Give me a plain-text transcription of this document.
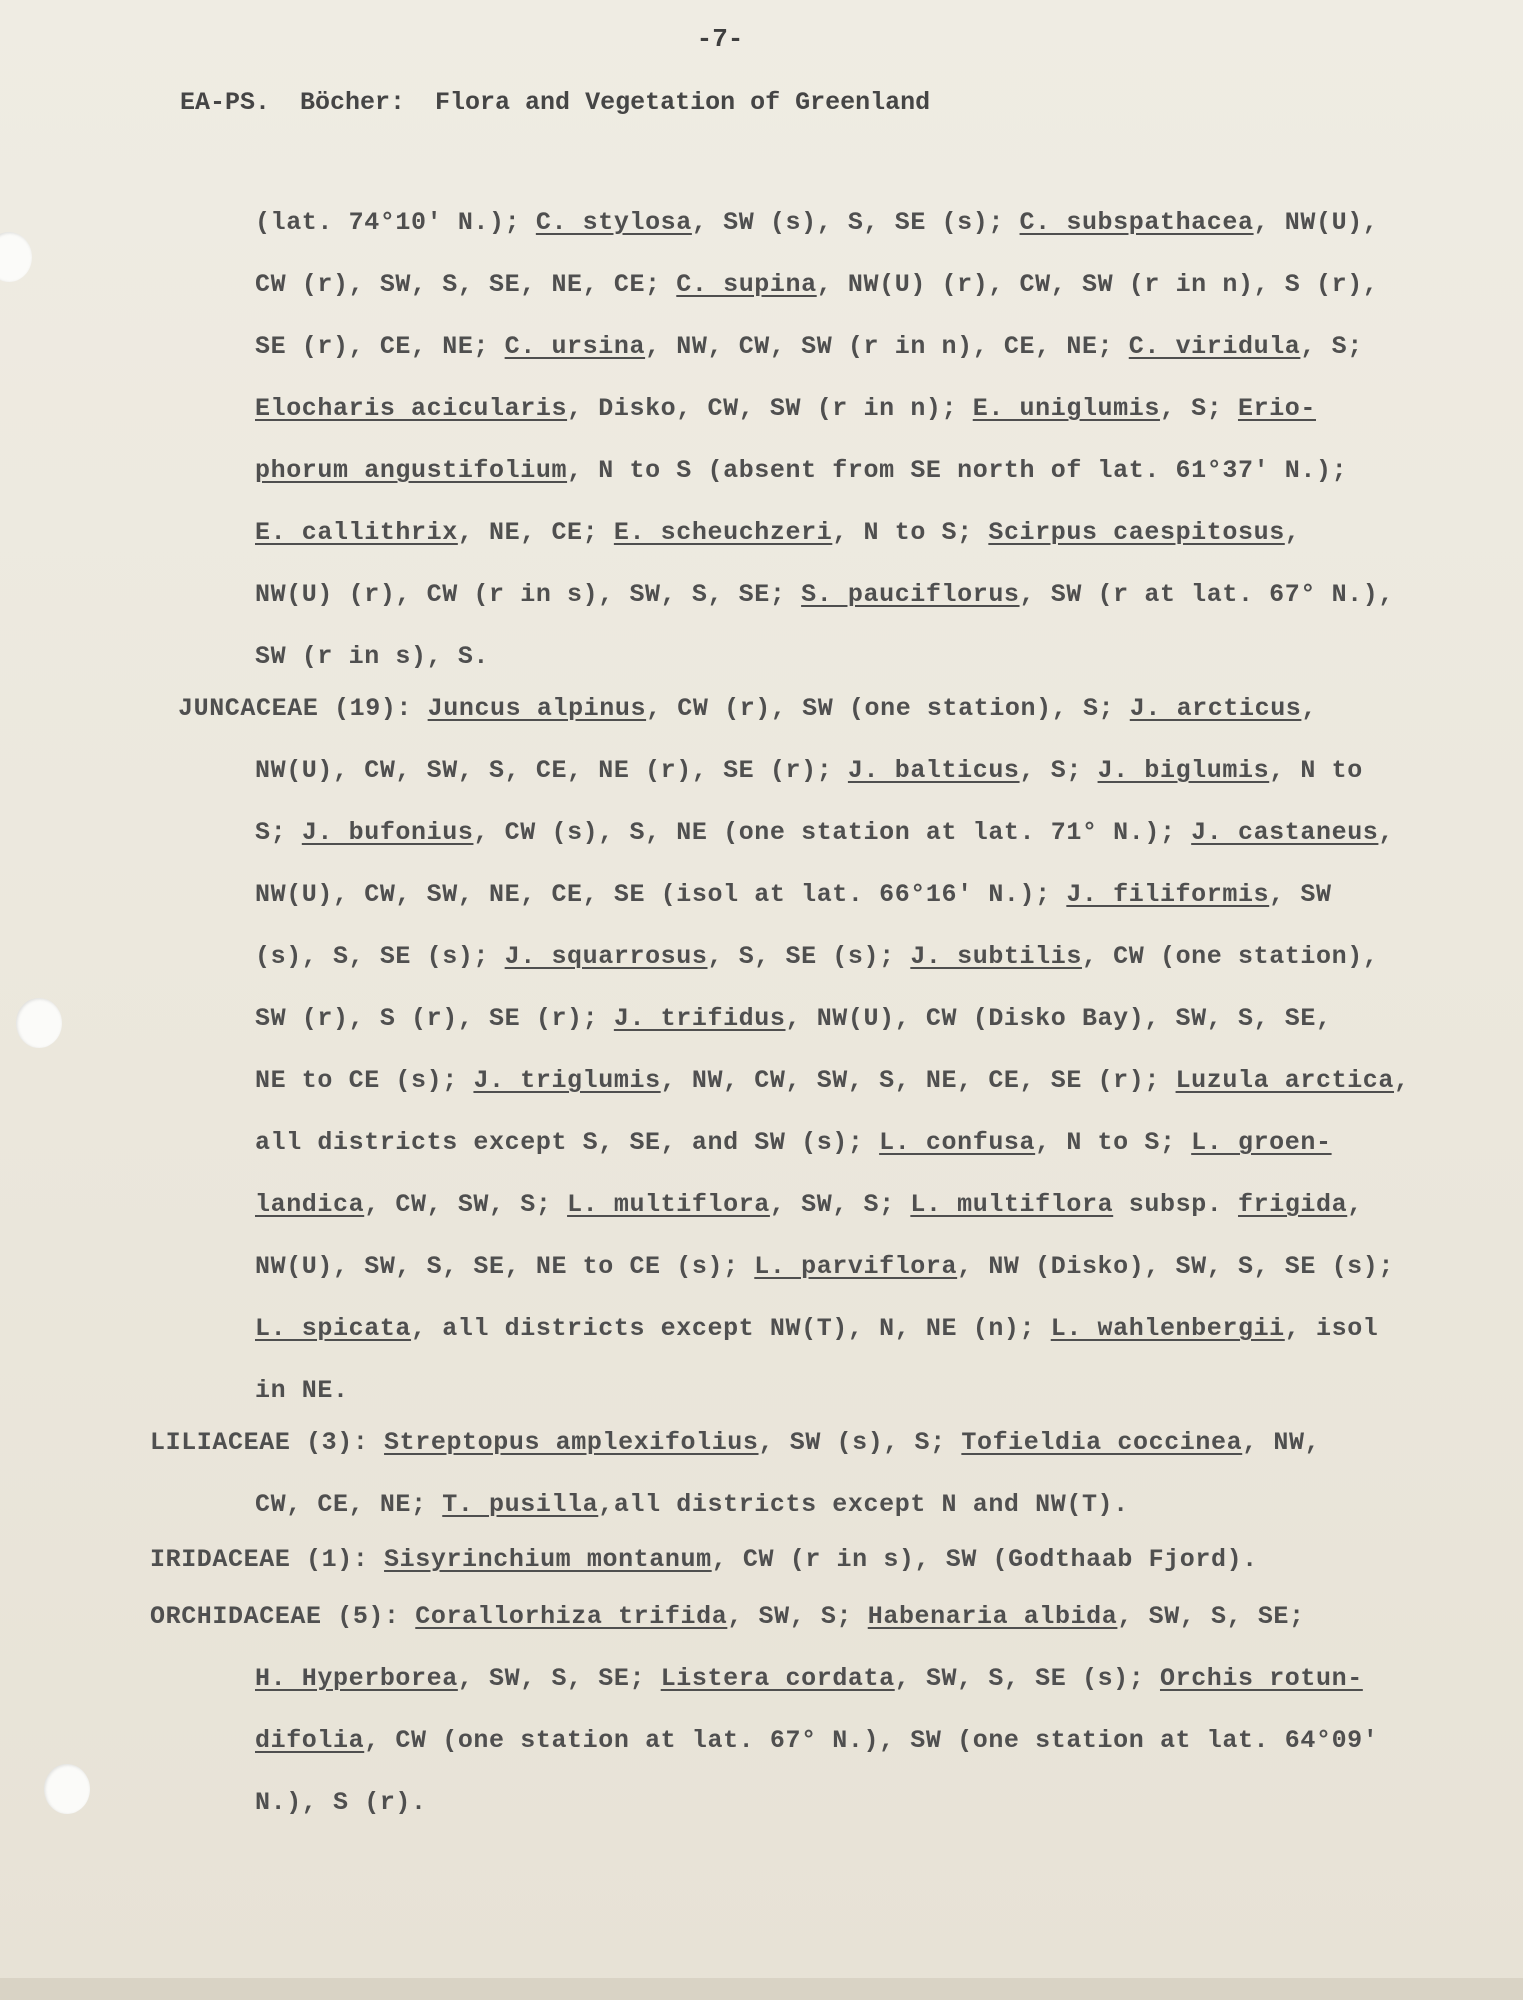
-7-
EA-PS.  Böcher:  Flora and Vegetation of Greenland
(lat. 74°10' N.); C. stylosa, SW (s), S, SE (s); C. subspathacea, NW(U),
CW (r), SW, S, SE, NE, CE; C. supina, NW(U) (r), CW, SW (r in n), S (r),
SE (r), CE, NE; C. ursina, NW, CW, SW (r in n), CE, NE; C. viridula, S;
Elocharis acicularis, Disko, CW, SW (r in n); E. uniglumis, S; Erio-
phorum angustifolium, N to S (absent from SE north of lat. 61°37' N.);
E. callithrix, NE, CE; E. scheuchzeri, N to S; Scirpus caespitosus,
NW(U) (r), CW (r in s), SW, S, SE; S. pauciflorus, SW (r at lat. 67° N.),
SW (r in s), S.
JUNCACEAE (19): Juncus alpinus, CW (r), SW (one station), S; J. arcticus,
NW(U), CW, SW, S, CE, NE (r), SE (r); J. balticus, S; J. biglumis, N to
S; J. bufonius, CW (s), S, NE (one station at lat. 71° N.); J. castaneus,
NW(U), CW, SW, NE, CE, SE (isol at lat. 66°16' N.); J. filiformis, SW
(s), S, SE (s); J. squarrosus, S, SE (s); J. subtilis, CW (one station),
SW (r), S (r), SE (r); J. trifidus, NW(U), CW (Disko Bay), SW, S, SE,
NE to CE (s); J. triglumis, NW, CW, SW, S, NE, CE, SE (r); Luzula arctica,
all districts except S, SE, and SW (s); L. confusa, N to S; L. groen-
landica, CW, SW, S; L. multiflora, SW, S; L. multiflora subsp. frigida,
NW(U), SW, S, SE, NE to CE (s); L. parviflora, NW (Disko), SW, S, SE (s);
L. spicata, all districts except NW(T), N, NE (n); L. wahlenbergii, isol
in NE.
LILIACEAE (3): Streptopus amplexifolius, SW (s), S; Tofieldia coccinea, NW,
CW, CE, NE; T. pusilla,all districts except N and NW(T).
IRIDACEAE (1): Sisyrinchium montanum, CW (r in s), SW (Godthaab Fjord).
ORCHIDACEAE (5): Corallorhiza trifida, SW, S; Habenaria albida, SW, S, SE;
H. Hyperborea, SW, S, SE; Listera cordata, SW, S, SE (s); Orchis rotun-
difolia, CW (one station at lat. 67° N.), SW (one station at lat. 64°09'
N.), S (r).
